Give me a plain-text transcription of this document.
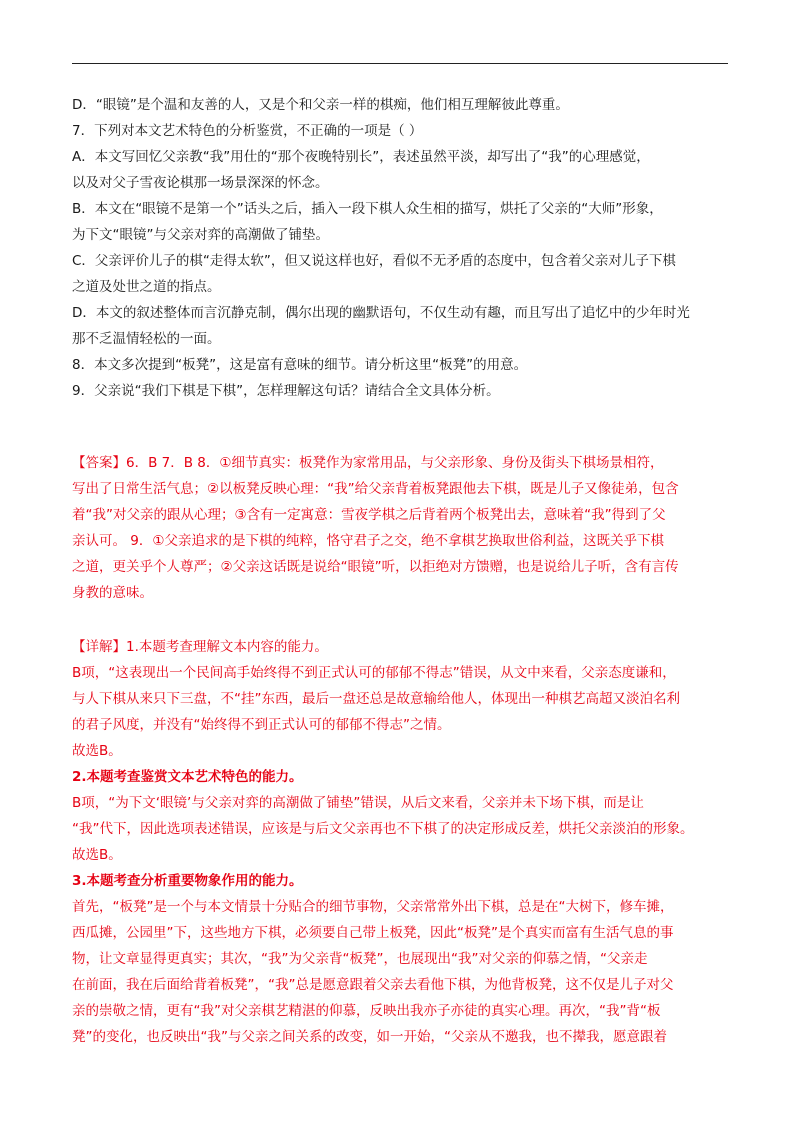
D．“眼镜”是个温和友善的人，又是个和父亲一样的棋痴，他们相互理解彼此尊重。
7．下列对本文艺术特色的分析鉴赏，不正确的一项是（ ）
A．本文写回忆父亲教“我”用仕的“那个夜晚特别长”，表述虽然平淡，却写出了“我”的心理感觉，
以及对父子雪夜论棋那一场景深深的怀念。
B．本文在“眼镜不是第一个”话头之后，插入一段下棋人众生相的描写，烘托了父亲的“大师”形象，
为下文“眼镜”与父亲对弈的高潮做了铺垫。
C．父亲评价儿子的棋“走得太软”，但又说这样也好，看似不无矛盾的态度中，包含着父亲对儿子下棋
之道及处世之道的指点。
D．本文的叙述整体而言沉静克制，偶尔出现的幽默语句，不仅生动有趣，而且写出了追忆中的少年时光
那不乏温情轻松的一面。
8．本文多次提到“板凳”，这是富有意味的细节。请分析这里“板凳”的用意。
9．父亲说“我们下棋是下棋”，怎样理解这句话？请结合全文具体分析。
【答案】6．B 7．B 8．①细节真实：板凳作为家常用品，与父亲形象、身份及街头下棋场景相符，
写出了日常生活气息；②以板凳反映心理：“我”给父亲背着板凳跟他去下棋，既是儿子又像徒弟，包含
着“我”对父亲的跟从心理；③含有一定寓意：雪夜学棋之后背着两个板凳出去，意味着“我”得到了父
亲认可。 9．①父亲追求的是下棋的纯粹，恪守君子之交，绝不拿棋艺换取世俗利益，这既关乎下棋
之道，更关乎个人尊严；②父亲这话既是说给“眼镜”听，以拒绝对方馈赠，也是说给儿子听，含有言传
身教的意味。
【详解】1.本题考查理解文本内容的能力。
B项，“这表现出一个民间高手始终得不到正式认可的郁郁不得志”错误，从文中来看，父亲态度谦和，
与人下棋从来只下三盘，不“挂”东西，最后一盘还总是故意输给他人，体现出一种棋艺高超又淡泊名利
的君子风度，并没有“始终得不到正式认可的郁郁不得志”之情。
故选B。
2.本题考查鉴赏文本艺术特色的能力。
B项，“为下文‘眼镜’与父亲对弈的高潮做了铺垫”错误，从后文来看，父亲并未下场下棋，而是让
“我”代下，因此选项表述错误，应该是与后文父亲再也不下棋了的决定形成反差，烘托父亲淡泊的形象。
故选B。
3.本题考查分析重要物象作用的能力。
首先，“板凳”是一个与本文情景十分贴合的细节事物，父亲常常外出下棋，总是在“大树下，修车摊，
西瓜摊，公园里”下，这些地方下棋，必须要自己带上板凳，因此“板凳”是个真实而富有生活气息的事
物，让文章显得更真实；其次，“我”为父亲背“板凳”，也展现出“我”对父亲的仰慕之情，“父亲走
在前面，我在后面给背着板凳”，“我”总是愿意跟着父亲去看他下棋，为他背板凳，这不仅是儿子对父
亲的崇敬之情，更有“我”对父亲棋艺精湛的仰慕，反映出我亦子亦徒的真实心理。再次，“我”背“板
凳”的变化，也反映出“我”与父亲之间关系的改变，如一开始，“父亲从不邀我，也不撵我，愿意跟着
